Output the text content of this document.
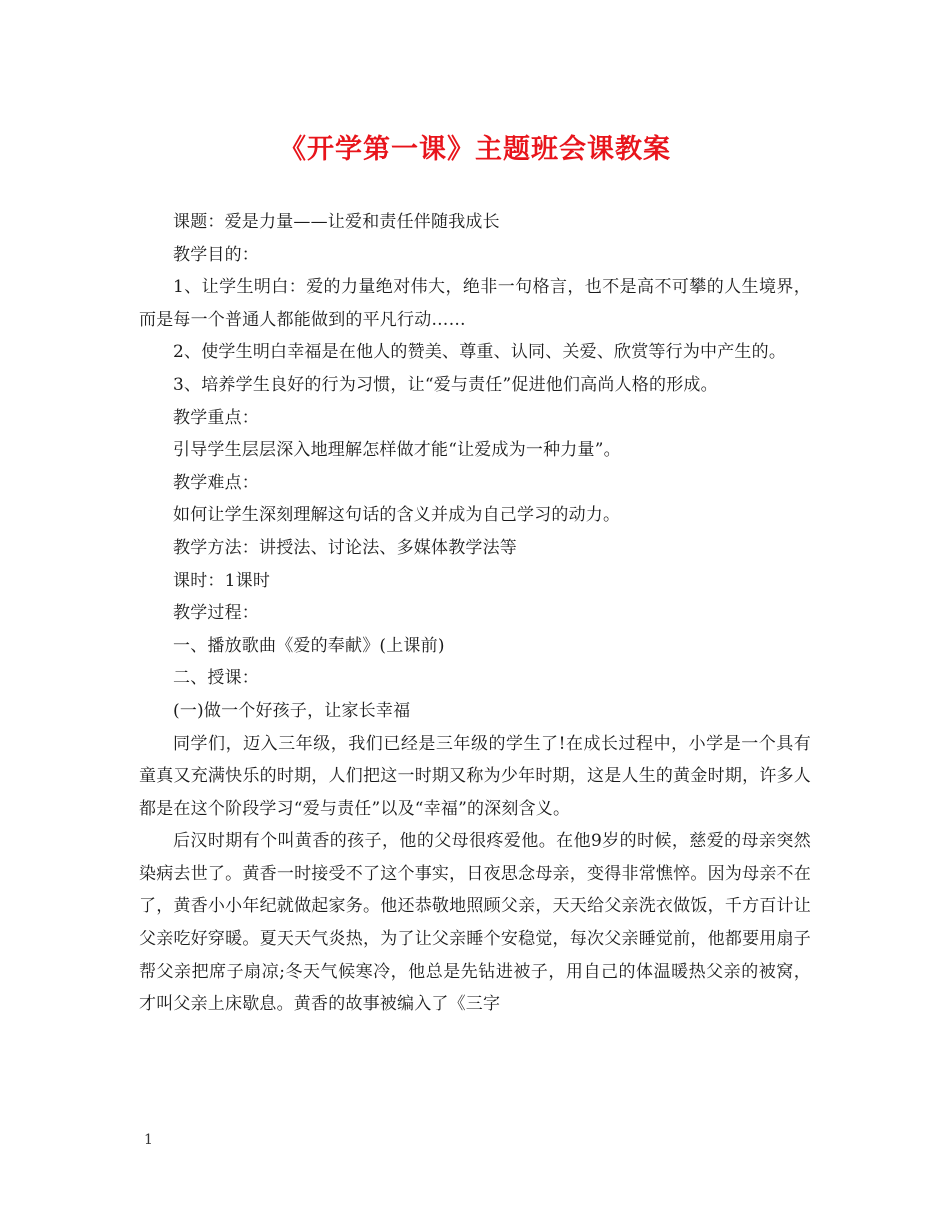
《开学第一课》主题班会课教案

课题：爱是力量——让爱和责任伴随我成长

教学目的：

1、让学生明白：爱的力量绝对伟大，绝非一句格言，也不是高不可攀的人生境界，而是每一个普通人都能做到的平凡行动……

2、使学生明白幸福是在他人的赞美、尊重、认同、关爱、欣赏等行为中产生的。

3、培养学生良好的行为习惯，让“爱与责任”促进他们高尚人格的形成。

教学重点：

引导学生层层深入地理解怎样做才能“让爱成为一种力量”。

教学难点：

如何让学生深刻理解这句话的含义并成为自己学习的动力。

教学方法：讲授法、讨论法、多媒体教学法等

课时：1课时

教学过程：

一、播放歌曲《爱的奉献》(上课前)

二、授课：

(一)做一个好孩子，让家长幸福

同学们，迈入三年级，我们已经是三年级的学生了!在成长过程中，小学是一个具有童真又充满快乐的时期，人们把这一时期又称为少年时期，这是人生的黄金时期，许多人都是在这个阶段学习“爱与责任”以及“幸福”的深刻含义。

后汉时期有个叫黄香的孩子，他的父母很疼爱他。在他9岁的时候，慈爱的母亲突然染病去世了。黄香一时接受不了这个事实，日夜思念母亲，变得非常憔悴。因为母亲不在了，黄香小小年纪就做起家务。他还恭敬地照顾父亲，天天给父亲洗衣做饭，千方百计让父亲吃好穿暖。夏天天气炎热，为了让父亲睡个安稳觉，每次父亲睡觉前，他都要用扇子帮父亲把席子扇凉;冬天气候寒冷，他总是先钻进被子，用自己的体温暖热父亲的被窝，才叫父亲上床歇息。黄香的故事被编入了《三字

1
